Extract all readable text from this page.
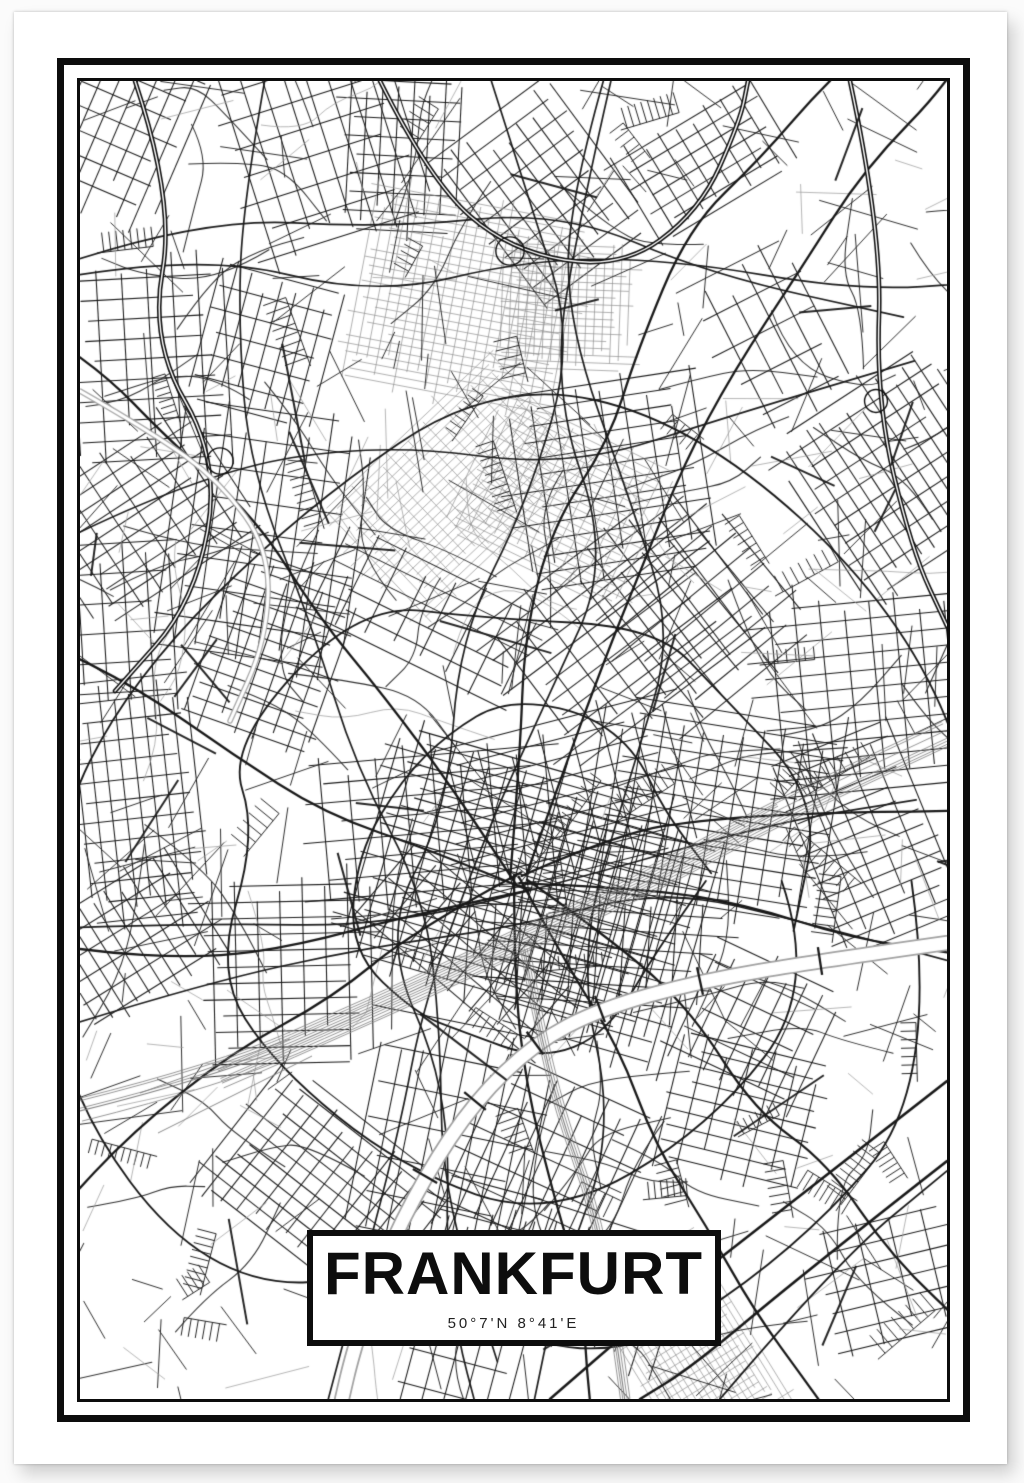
FRANKFURT
50°7'N 8°41'E
